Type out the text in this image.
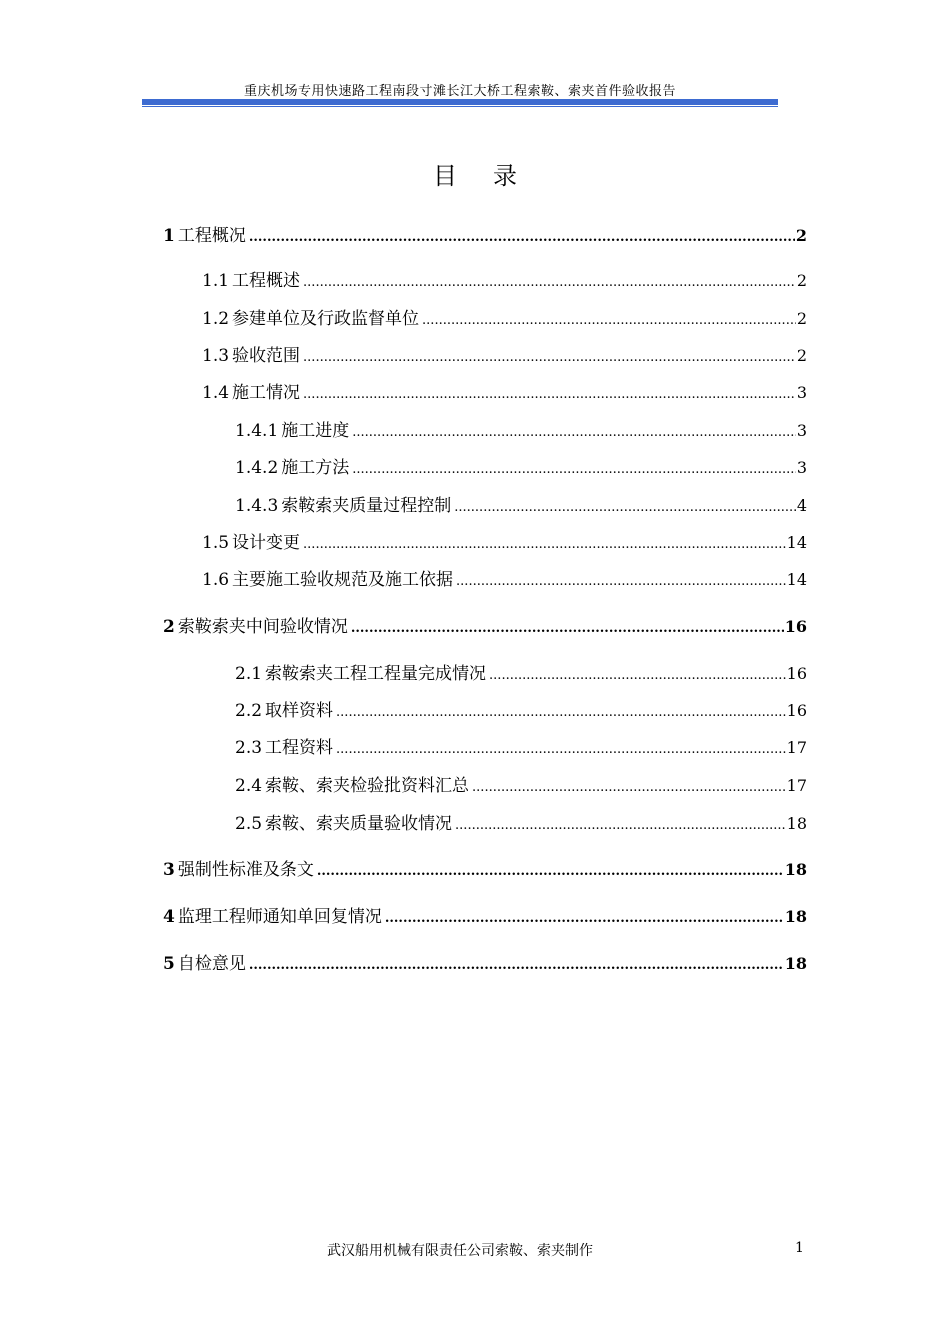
重庆机场专用快速路工程南段寸滩长江大桥工程索鞍、索夹首件验收报告
目录
1 工程概况 .....	2
1.1 工程概述 .....	2
1.2 参建单位及行政监督单位 .....	2
1.3 验收范围 .....	2
1.4 施工情况 .....	3
1.4.1 施工进度 .....	3
1.4.2 施工方法 .....	3
1.4.3 索鞍索夹质量过程控制 .....	4
1.5 设计变更 .....	14
1.6 主要施工验收规范及施工依据 .....	14
2 索鞍索夹中间验收情况 .....	16
2.1 索鞍索夹工程工程量完成情况 .....	16
2.2 取样资料 .....	16
2.3 工程资料 .....	17
2.4 索鞍、索夹检验批资料汇总 .....	17
2.5 索鞍、索夹质量验收情况 .....	18
3 强制性标准及条文 .....	18
4 监理工程师通知单回复情况 .....	18
5 自检意见 .....	18
武汉船用机械有限责任公司索鞍、索夹制作	1
